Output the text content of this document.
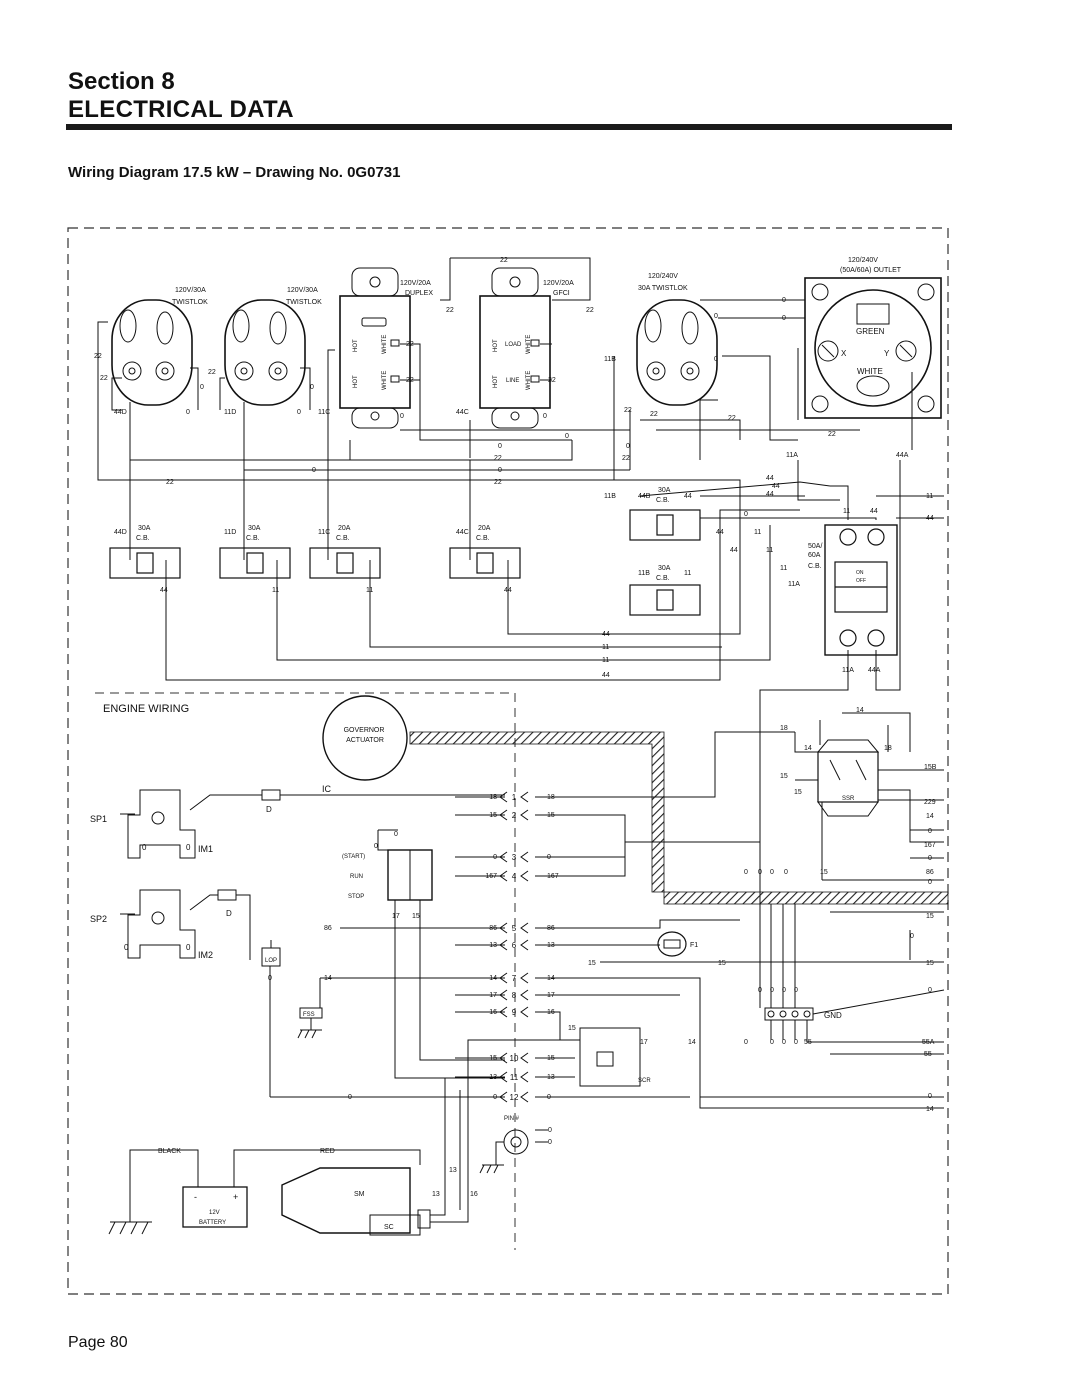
Section 8
ELECTRICAL DATA
Wiring Diagram 17.5 kW – Drawing No. 0G0731
120V/30A
TWISTLOK
120V/30A
TWISTLOK
120V/20A
DUPLEX
120V/20A
GFCI
120/240V
30A TWISTLOK
120/240V
(50A/60A) OUTLET
HOT
HOT
WHITE
WHITE
HOT
HOT
WHITE
WHITE
LOAD
LINE
GREEN
X	Y
WHITE
30A
C.B.
30A
C.B.
20A
C.B.
20A
C.B.
30A
C.B.
30A
C.B.
50A/ 60A
C.B.
ON
OFF
22
22
22
0	0
44D	0	11D	0 11C
0
44C
0
22
22
22
22
22
22
11B
0
0
22
22
22
0	22
0	0
22	22
0	0
22	22
11A	44A
0
0
11B	44B	44
44
44
44	11
44
0	11	44
44	11
44	11
11B	11
11
11A
44D	11D	11C	44C
44	11	11	44
44
11
11
44
11A 44A
14
18
14	18
15B
15
15
229
14
0
167
0
86
0
0 0 0 0	15
15
0
15	15	15
0 0 0 0	0
0	0 0 0 55	55A
55
0
14
17	14
86
14
0
0
0
0
17 15
15
0
0
13
13	16
18 1	18
15 2	15
0 3	0
167 4	167
86 5	86
13 6	13
14 7	14
17 8	17
16 9	16
15 10	15
13 11	13
0 12	0
ENGINE WIRING
GOVERNOR ACTUATOR
IC
D
D
SP1
SP2
IM1
IM2
0	0
0	0
(START)
RUN
STOP
LOP
FSS
F1
PIN #
SCR
SSR
GND
BLACK	RED
BATTERY
12V
-	+	SM
SC
Page 80
